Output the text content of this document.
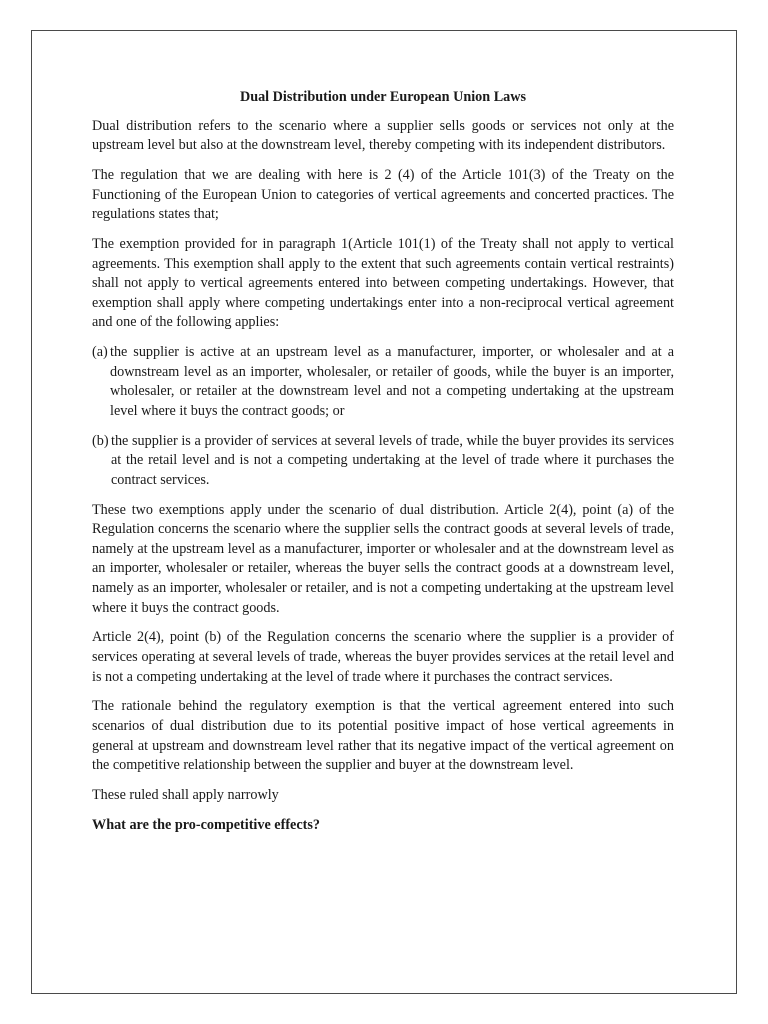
Dual Distribution under European Union Laws

Dual distribution refers to the scenario where a supplier sells goods or services not only at the upstream level but also at the downstream level, thereby competing with its independent distributors.

The regulation that we are dealing with here is 2 (4) of the Article 101(3) of the Treaty on the Functioning of the European Union to categories of vertical agreements and concerted practices. The regulations states that;

The exemption provided for in paragraph 1(Article 101(1) of the Treaty shall not apply to vertical agreements. This exemption shall apply to the extent that such agreements contain vertical restraints) shall not apply to vertical agreements entered into between competing undertakings. However, that exemption shall apply where competing undertakings enter into a non-reciprocal vertical agreement and one of the following applies:

(a) the supplier is active at an upstream level as a manufacturer, importer, or wholesaler and at a downstream level as an importer, wholesaler, or retailer of goods, while the buyer is an importer, wholesaler, or retailer at the downstream level and not a competing undertaking at the upstream level where it buys the contract goods; or
(b) the supplier is a provider of services at several levels of trade, while the buyer provides its services at the retail level and is not a competing undertaking at the level of trade where it purchases the contract services.

These two exemptions apply under the scenario of dual distribution. Article 2(4), point (a) of the Regulation concerns the scenario where the supplier sells the contract goods at several levels of trade, namely at the upstream level as a manufacturer, importer or wholesaler and at the downstream level as an importer, wholesaler or retailer, whereas the buyer sells the contract goods at a downstream level, namely as an importer, wholesaler or retailer, and is not a competing undertaking at the upstream level where it buys the contract goods.

Article 2(4), point (b) of the Regulation concerns the scenario where the supplier is a provider of services operating at several levels of trade, whereas the buyer provides services at the retail level and is not a competing undertaking at the level of trade where it purchases the contract services.

The rationale behind the regulatory exemption is that the vertical agreement entered into such scenarios of dual distribution due to its potential positive impact of hose vertical agreements in general at upstream and downstream level rather that its negative impact of the vertical agreement on the competitive relationship between the supplier and buyer at the downstream level.

These ruled shall apply narrowly

What are the pro-competitive effects?
